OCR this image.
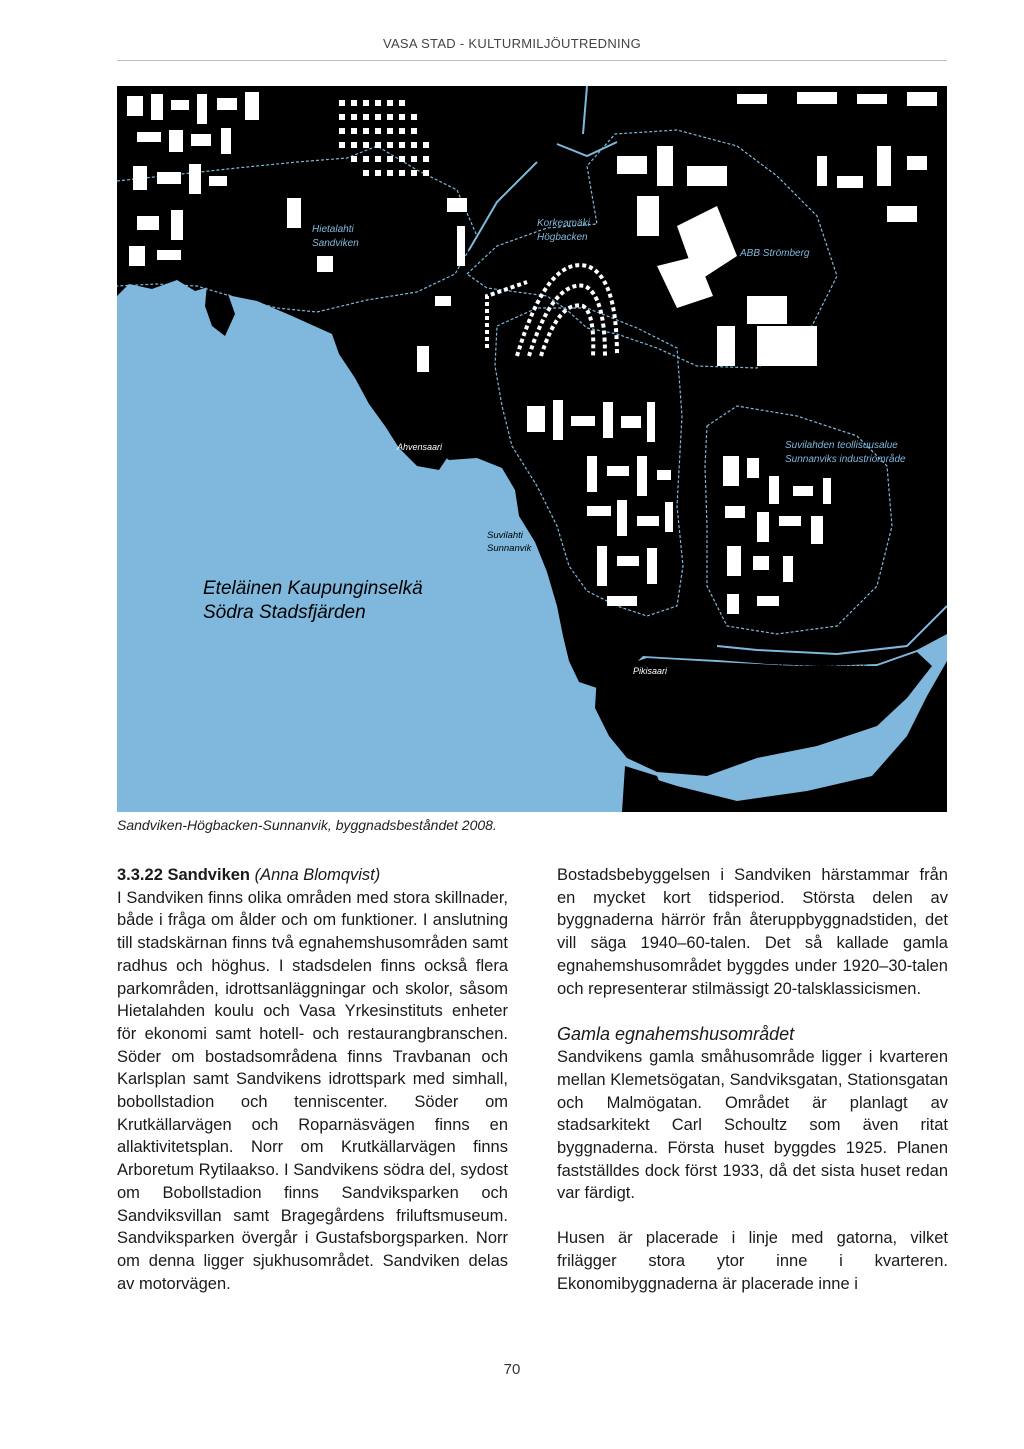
VASA STAD - KULTURMILJÖUTREDNING
Hietalahti
Sandviken
Korkeamäki
Högbacken
ABB Strömberg
Suvilahden teollisuusalue
Sunnanviks industriområde
Vanhan Vaasan kanaali
Ahvensaari
Pikisaari
Suvilahti
Sunnanvik
Eteläinen Kaupunginselkä
Södra Stadsfjärden
Sandviken-Högbacken-Sunnanvik, byggnadsbeståndet 2008.
3.3.22 Sandviken (Anna Blomqvist)

I Sandviken finns olika områden med stora skillnader, både i fråga om ålder och om funktioner. I anslutning till stadskärnan finns två egnahemshusområden samt radhus och höghus. I stadsdelen finns också flera parkområden, idrottsanläggningar och skolor, såsom Hietalahden koulu och Vasa Yrkesinstituts enheter för ekonomi samt hotell- och restaurangbranschen. Söder om bostadsområdena finns Travbanan och Karlsplan samt Sandvikens idrottspark med simhall, bobollstadion och tenniscenter. Söder om Krutkällarvägen och Roparnäsvägen finns en allaktivitetsplan. Norr om Krutkällarvägen finns Arboretum Rytilaakso. I Sandvikens södra del, sydost om Bobollstadion finns Sandviksparken och Sandviksvillan samt Bragegårdens friluftsmuseum. Sandviksparken övergår i Gustafsborgsparken. Norr om denna ligger sjukhusområdet. Sandviken delas av motorvägen.

Bostadsbebyggelsen i Sandviken härstammar från en mycket kort tidsperiod. Största delen av byggnaderna härrör från återuppbyggnadstiden, det vill säga 1940–60-talen. Det så kallade gamla egnahemshusområdet byggdes under 1920–30-talen och representerar stilmässigt 20-talsklassicismen.

Gamla egnahemshusområdet

Sandvikens gamla småhusområde ligger i kvarteren mellan Klemetsögatan, Sandviksgatan, Stationsgatan och Malmögatan. Området är planlagt av stadsarkitekt Carl Schoultz som även ritat byggnaderna. Första huset byggdes 1925. Planen fastställdes dock först 1933, då det sista huset redan var färdigt.

Husen är placerade i linje med gatorna, vilket frilägger stora ytor inne i kvarteren. Ekonomibyggnaderna är placerade inne i

70
